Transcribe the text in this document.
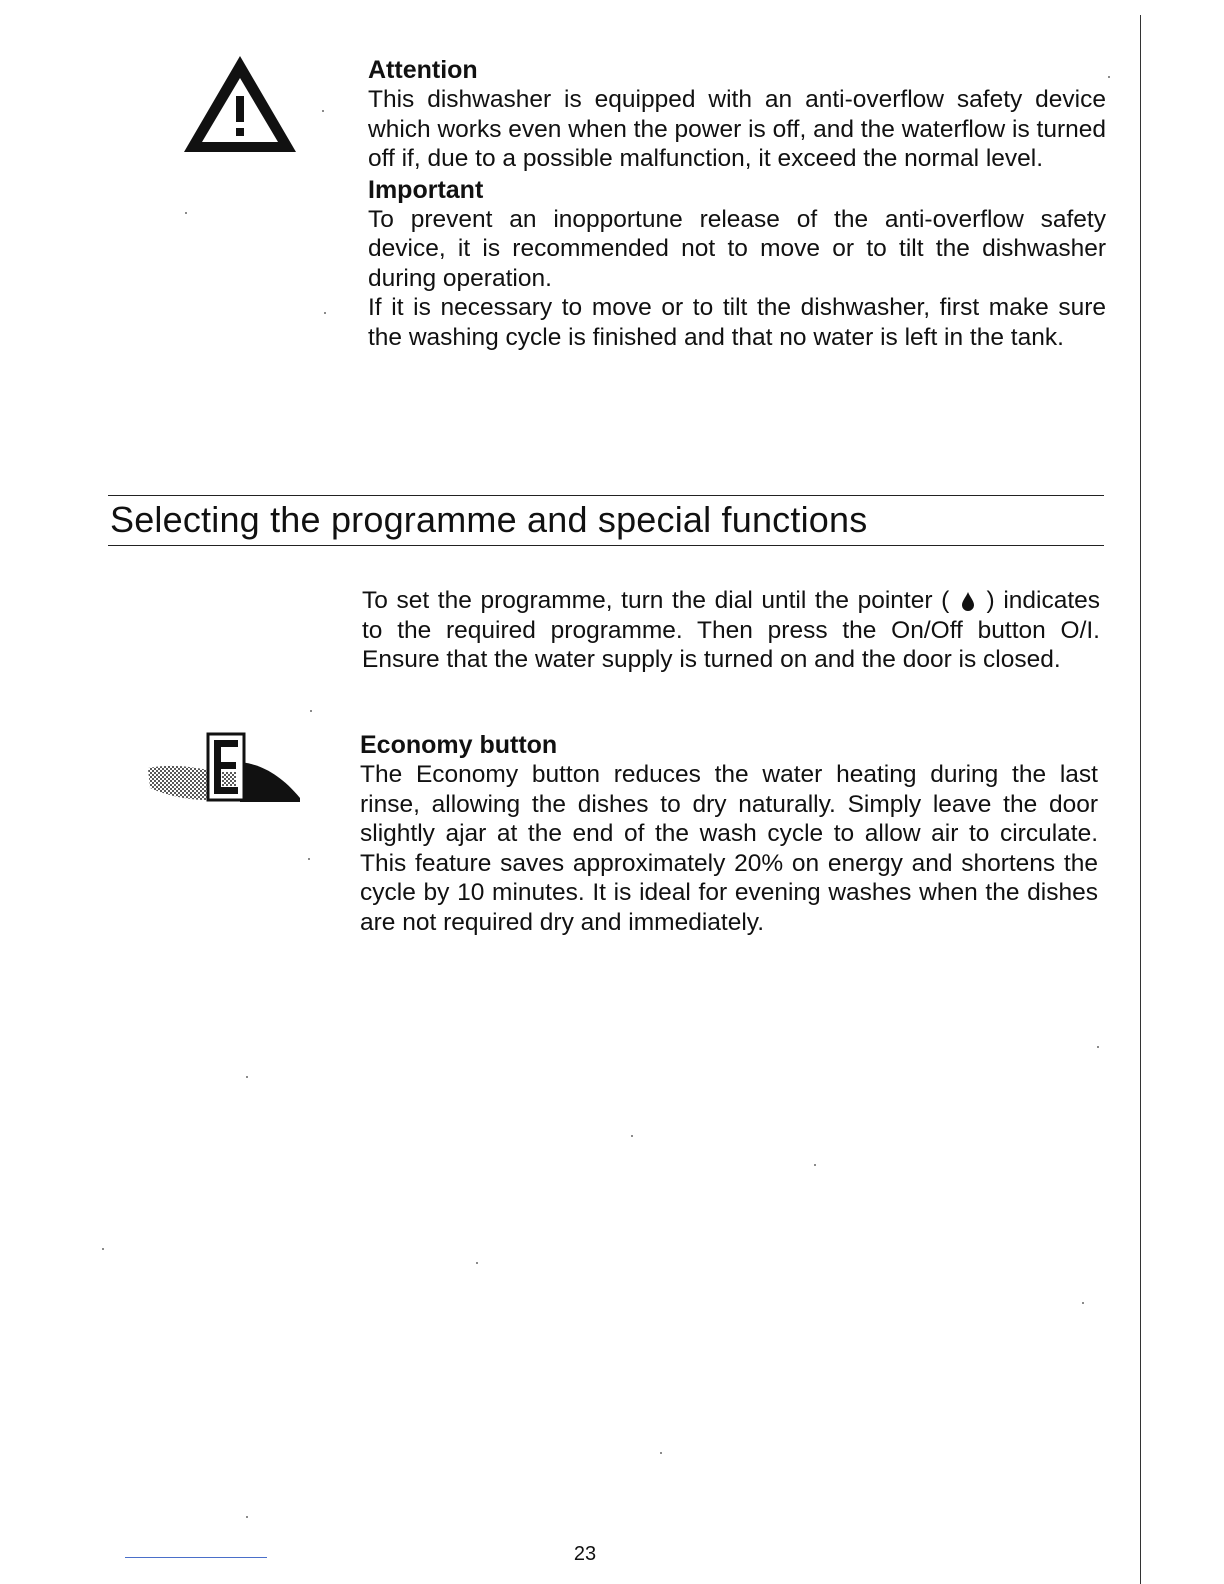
Attention

This dishwasher is equipped with an anti-overflow safety device which works even when the power is off, and the waterflow is turned off if, due to a possible malfunction, it exceed the normal level.

Important

To prevent an inopportune release of the anti-overflow safety device, it is recommended not to move or to tilt the dishwasher during operation.

If it is necessary to move or to tilt the dishwasher, first make sure the washing cycle is finished and that no water is left in the tank.

Selecting the programme and special functions

To set the programme, turn the dial until the pointer ( ) indicates to the required programme. Then press the On/Off button O/I. Ensure that the water supply is turned on and the door is closed.

Economy button

The Economy button reduces the water heating during the last rinse, allowing the dishes to dry naturally. Simply leave the door slightly ajar at the end of the wash cycle to allow air to circulate. This feature saves approximately 20% on energy and shortens the cycle by 10 minutes. It is ideal for evening washes when the dishes are not required dry and immediately.

23
